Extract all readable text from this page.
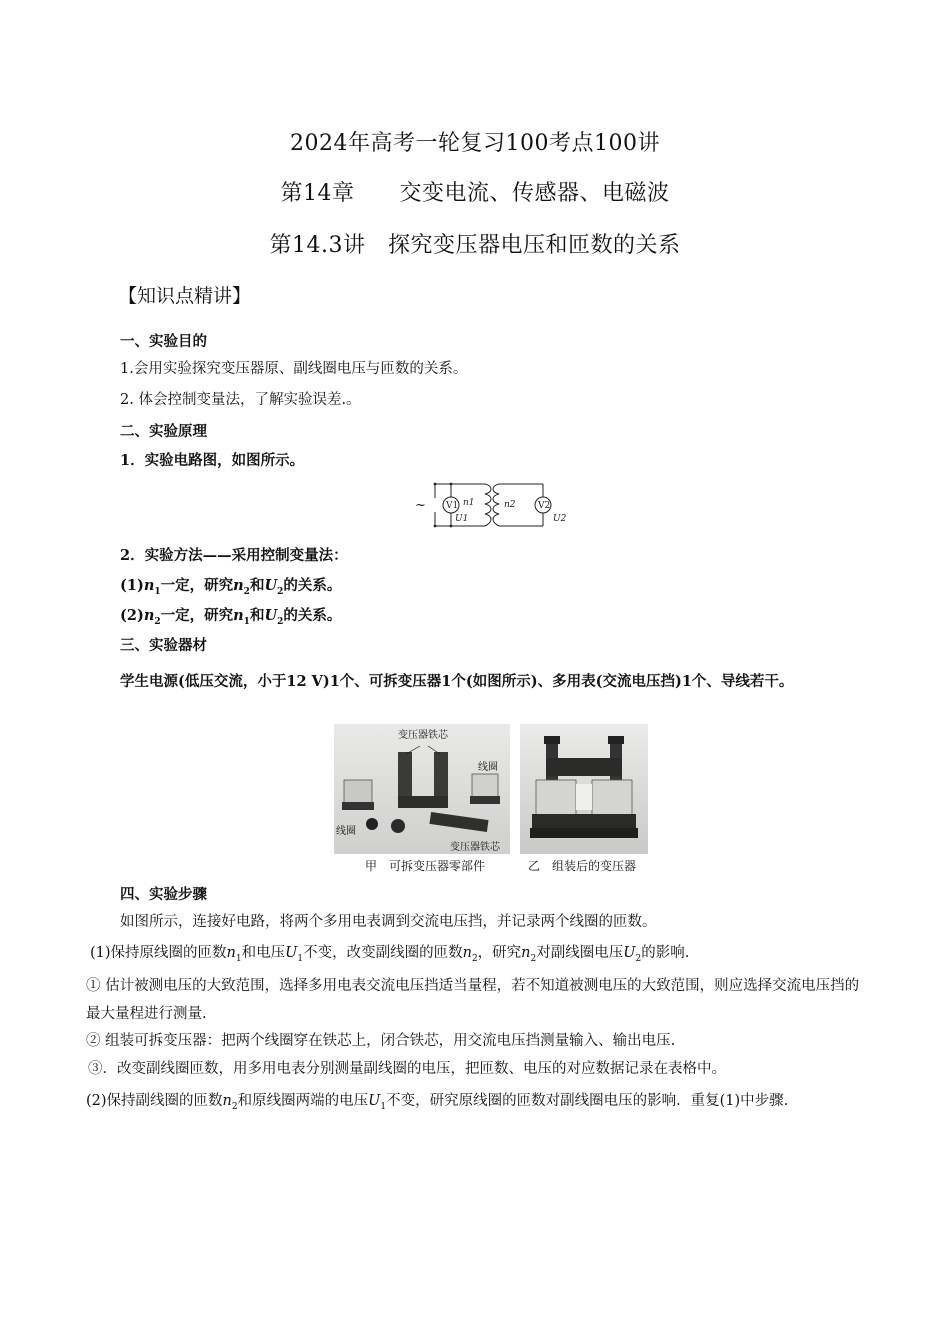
2024年高考一轮复习100考点100讲
第14章　　交变电流、传感器、电磁波
第14.3讲　探究变压器电压和匝数的关系
【知识点精讲】
一、实验目的
1.会用实验探究变压器原、副线圈电压与匝数的关系。
2. 体会控制变量法，了解实验误差.。
二、实验原理
1．实验电路图，如图所示。
~ V1 n1
U1
n2 V2
U2
2．实验方法——采用控制变量法：
$(1)n_1$一定，研究$n_2$和$U_2$的关系。
$(2)n_2$一定，研究$n_1$和$U_2$的关系。
三、实验器材
学生电源(低压交流，小于12 V)1个、可拆变压器1个(如图所示)、多用表(交流电压挡)1个、导线若干。
变压器铁芯
线圈
线圈
变压器铁芯
甲　可拆变压器零部件	乙　组装后的变压器
四、实验步骤
如图所示，连接好电路，将两个多用电表调到交流电压挡，并记录两个线圈的匝数。
(1)保持原线圈的匝数$n_1$和电压$U_1$不变，改变副线圈的匝数$n_2$，研究$n_2$对副线圈电压$U_2$的影响.
① 估计被测电压的大致范围，选择多用电表交流电压挡适当量程，若不知道被测电压的大致范围，则应选择交流电压挡的最大量程进行测量.
② 组装可拆变压器：把两个线圈穿在铁芯上，闭合铁芯，用交流电压挡测量输入、输出电压.
③．改变副线圈匝数，用多用电表分别测量副线圈的电压，把匝数、电压的对应数据记录在表格中。
(2)保持副线圈的匝数$n_2$和原线圈两端的电压$U_1$不变，研究原线圈的匝数对副线圈电压的影响．重复(1)中步骤.
